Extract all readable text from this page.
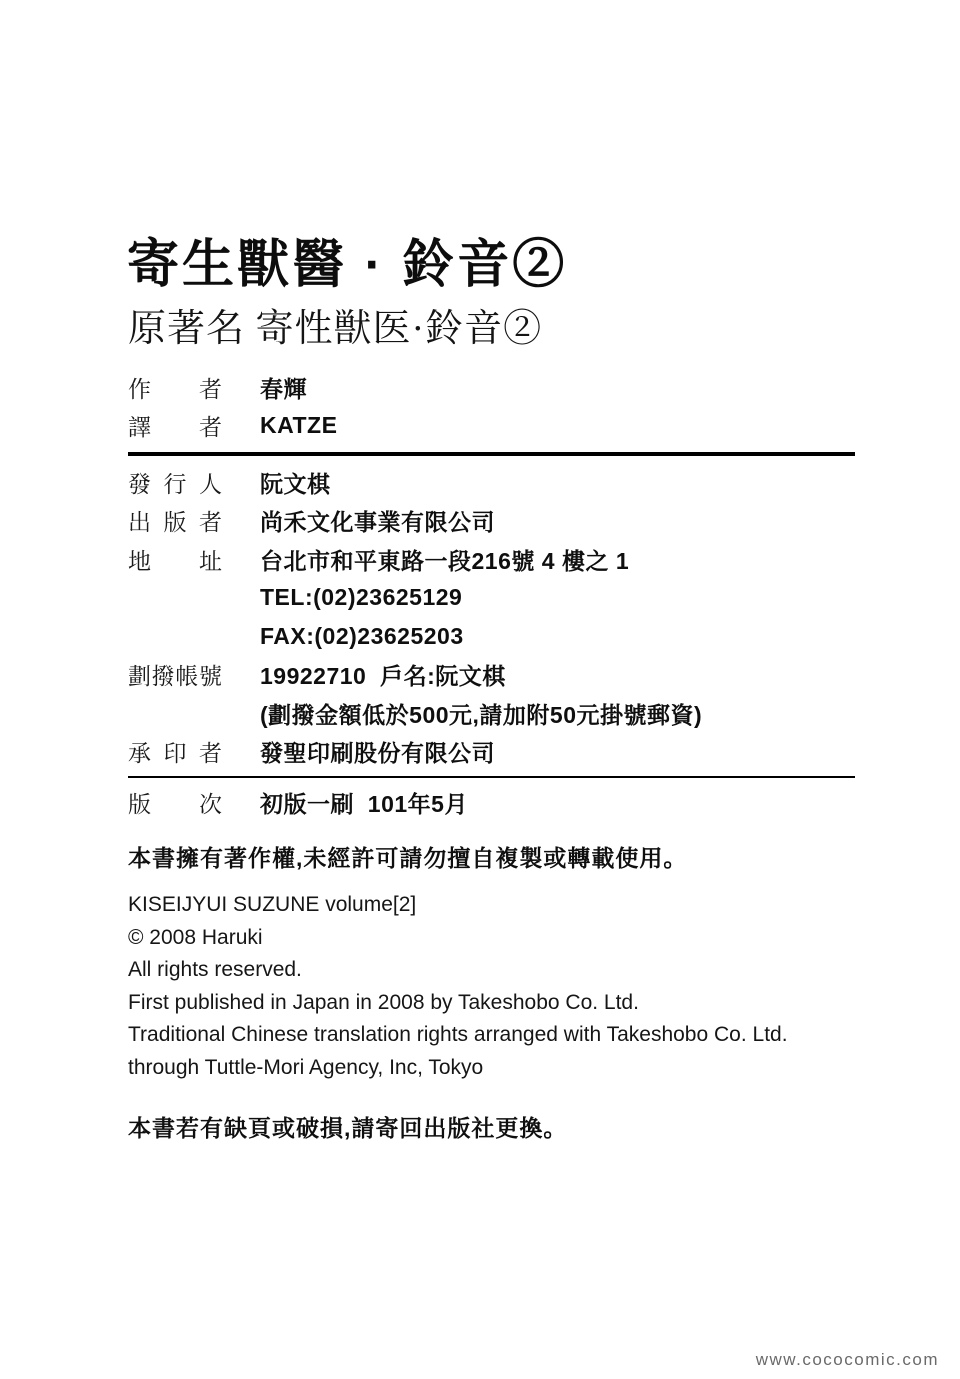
寄生獸醫 · 鈴音②
原著名 寄性獣医·鈴音②
作 者 春輝
譯 者 KATZE
發 行 人 阮文棋
出 版 者 尚禾文化事業有限公司
地 址 台北市和平東路一段216號 4 樓之 1
TEL:(02)23625129
FAX:(02)23625203
劃撥帳號 19922710  戶名:阮文棋
(劃撥金額低於500元,請加附50元掛號郵資)
承 印 者 發聖印刷股份有限公司
版 次 初版一刷  101年5月
本書擁有著作權,未經許可請勿擅自複製或轉載使用。
KISEIJYUI SUZUNE volume[2]
© 2008 Haruki
All rights reserved.
First published in Japan in 2008 by Takeshobo Co. Ltd.
Traditional Chinese translation rights arranged with Takeshobo Co. Ltd.
through Tuttle-Mori Agency, Inc, Tokyo
本書若有缺頁或破損,請寄回出版社更換。
www.cococomic.com
